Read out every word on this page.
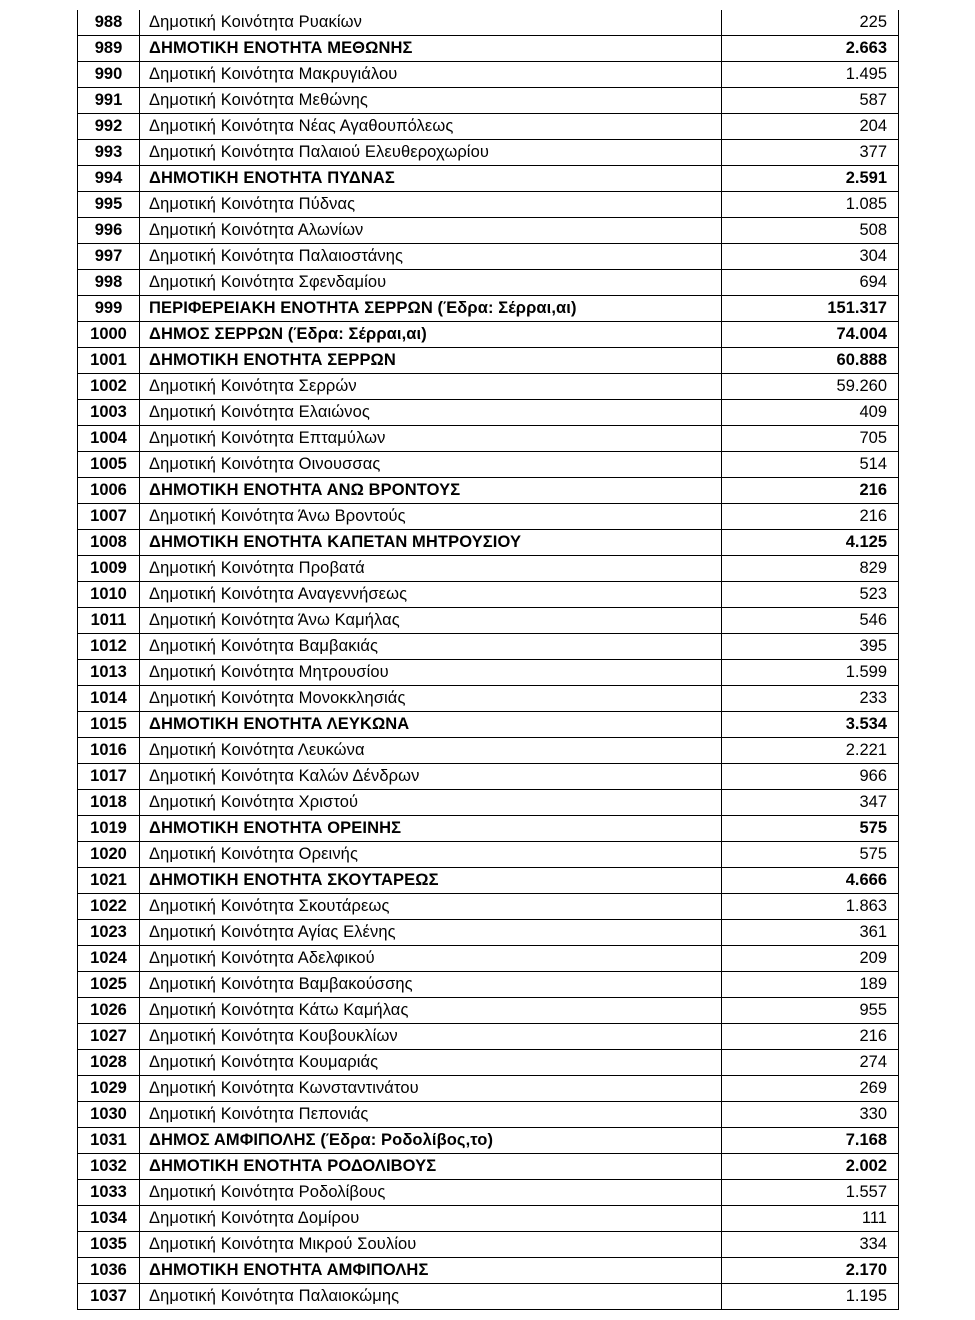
988	Δημοτική Κοινότητα Ρυακίων	225
989	ΔΗΜΟΤΙΚΗ ΕΝΟΤΗΤΑ ΜΕΘΩΝΗΣ	2.663
990	Δημοτική Κοινότητα Μακρυγιάλου	1.495
991	Δημοτική Κοινότητα Μεθώνης	587
992	Δημοτική Κοινότητα Νέας Αγαθουπόλεως	204
993	Δημοτική Κοινότητα Παλαιού Ελευθεροχωρίου	377
994	ΔΗΜΟΤΙΚΗ ΕΝΟΤΗΤΑ ΠΥΔΝΑΣ	2.591
995	Δημοτική Κοινότητα Πύδνας	1.085
996	Δημοτική Κοινότητα Αλωνίων	508
997	Δημοτική Κοινότητα Παλαιοστάνης	304
998	Δημοτική Κοινότητα Σφενδαμίου	694
999	ΠΕΡΙΦΕΡΕΙΑΚΗ ΕΝΟΤΗΤΑ ΣΕΡΡΩΝ (Έδρα: Σέρραι,αι)	151.317
1000	ΔΗΜΟΣ ΣΕΡΡΩΝ (Έδρα: Σέρραι,αι)	74.004
1001	ΔΗΜΟΤΙΚΗ ΕΝΟΤΗΤΑ ΣΕΡΡΩΝ	60.888
1002	Δημοτική Κοινότητα Σερρών	59.260
1003	Δημοτική Κοινότητα Ελαιώνος	409
1004	Δημοτική Κοινότητα Επταμύλων	705
1005	Δημοτική Κοινότητα Οινουσσας	514
1006	ΔΗΜΟΤΙΚΗ ΕΝΟΤΗΤΑ ΑΝΩ ΒΡΟΝΤΟΥΣ	216
1007	Δημοτική Κοινότητα Άνω Βροντούς	216
1008	ΔΗΜΟΤΙΚΗ ΕΝΟΤΗΤΑ ΚΑΠΕΤΑΝ ΜΗΤΡΟΥΣΙΟΥ	4.125
1009	Δημοτική Κοινότητα Προβατά	829
1010	Δημοτική Κοινότητα Αναγεννήσεως	523
1011	Δημοτική Κοινότητα Άνω Καμήλας	546
1012	Δημοτική Κοινότητα Βαμβακιάς	395
1013	Δημοτική Κοινότητα Μητρουσίου	1.599
1014	Δημοτική Κοινότητα Μονοκκλησιάς	233
1015	ΔΗΜΟΤΙΚΗ ΕΝΟΤΗΤΑ ΛΕΥΚΩΝΑ	3.534
1016	Δημοτική Κοινότητα Λευκώνα	2.221
1017	Δημοτική Κοινότητα Καλών Δένδρων	966
1018	Δημοτική Κοινότητα Χριστού	347
1019	ΔΗΜΟΤΙΚΗ ΕΝΟΤΗΤΑ ΟΡΕΙΝΗΣ	575
1020	Δημοτική Κοινότητα Ορεινής	575
1021	ΔΗΜΟΤΙΚΗ ΕΝΟΤΗΤΑ ΣΚΟΥΤΑΡΕΩΣ	4.666
1022	Δημοτική Κοινότητα Σκουτάρεως	1.863
1023	Δημοτική Κοινότητα Αγίας Ελένης	361
1024	Δημοτική Κοινότητα Αδελφικού	209
1025	Δημοτική Κοινότητα Βαμβακούσσης	189
1026	Δημοτική Κοινότητα Κάτω Καμήλας	955
1027	Δημοτική Κοινότητα Κουβουκλίων	216
1028	Δημοτική Κοινότητα Κουμαριάς	274
1029	Δημοτική Κοινότητα Κωνσταντινάτου	269
1030	Δημοτική Κοινότητα Πεπονιάς	330
1031	ΔΗΜΟΣ ΑΜΦΙΠΟΛΗΣ (Έδρα: Ροδολίβος,το)	7.168
1032	ΔΗΜΟΤΙΚΗ ΕΝΟΤΗΤΑ ΡΟΔΟΛΙΒΟΥΣ	2.002
1033	Δημοτική Κοινότητα Ροδολίβους	1.557
1034	Δημοτική Κοινότητα Δομίρου	111
1035	Δημοτική Κοινότητα Μικρού Σουλίου	334
1036	ΔΗΜΟΤΙΚΗ ΕΝΟΤΗΤΑ ΑΜΦΙΠΟΛΗΣ	2.170
1037	Δημοτική Κοινότητα Παλαιοκώμης	1.195
